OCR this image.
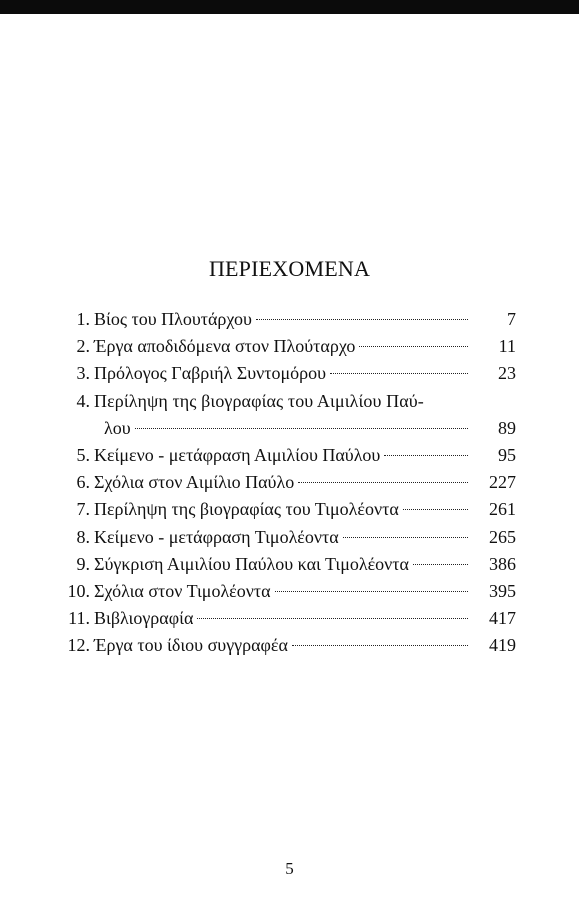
ΠΕΡΙΕΧΟΜΕΝΑ
1. Βίος του Πλουτάρχου	7
2. Έργα αποδιδόμενα στον Πλούταρχο	11
3. Πρόλογος Γαβριήλ Συντομόρου	23
4. Περίληψη της βιογραφίας του Αιμιλίου Παύ-
λου	89
5. Κείμενο - μετάφραση Αιμιλίου Παύλου	95
6. Σχόλια στον Αιμίλιο Παύλο	227
7. Περίληψη της βιογραφίας του Τιμολέοντα	261
8. Κείμενο - μετάφραση Τιμολέοντα	265
9. Σύγκριση Αιμιλίου Παύλου και Τιμολέοντα	386
10. Σχόλια στον Τιμολέοντα	395
11. Βιβλιογραφία	417
12. Έργα του ίδιου συγγραφέα	419
5
